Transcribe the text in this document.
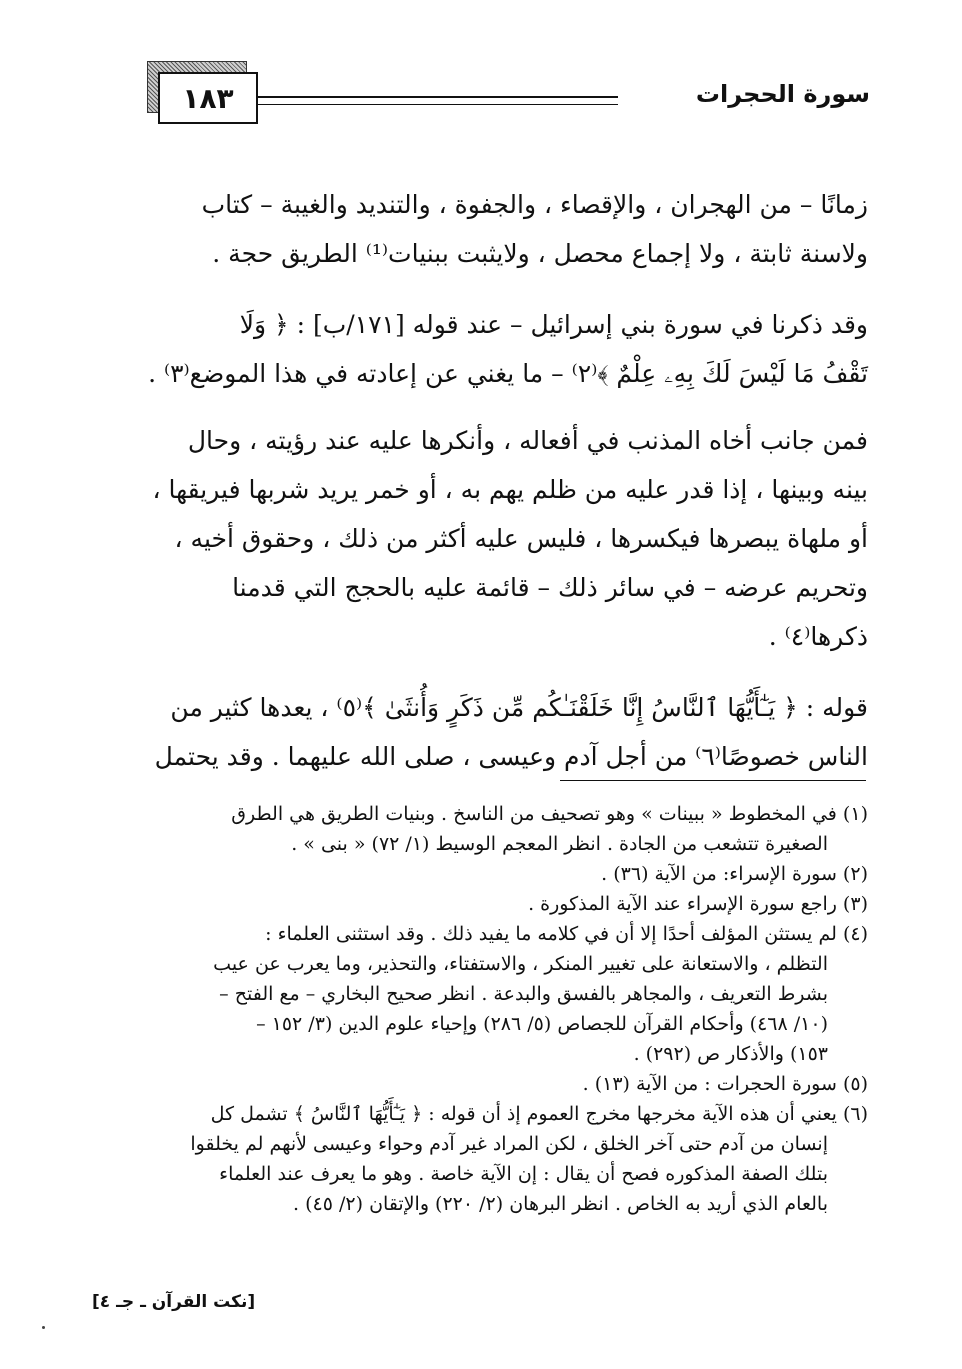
١٨٣	سورة الحجرات
زمانًا – من الهجران ، والإقصاء ، والجفوة ، والتنديد والغيبة – كتاب
ولاسنة ثابتة ، ولا إجماع محصل ، ولايثبت ببنيات⁽¹⁾ الطريق حجة .
وقد ذكرنا في سورة بني إسرائيل – عند قوله [١٧١/ب] : ﴿ وَلَا
تَقْفُ مَا لَيْسَ لَكَ بِهِۦ عِلْمٌ ﴾⁽٢⁾ – ما يغني عن إعادته في هذا الموضع⁽٣⁾ .
فمن جانب أخاه المذنب في أفعاله ، وأنكرها عليه عند رؤيته ، وحال
بينه وبينها ، إذا قدر عليه من ظلم يهم به ، أو خمر يريد شربها فيريقها ،
أو ملهاة يبصرها فيكسرها ، فليس عليه أكثر من ذلك ، وحقوق أخيه ،
وتحريم عرضه – في سائر ذلك – قائمة عليه بالحجج التي قدمنا
ذكرها⁽٤⁾ .
قوله : ﴿ يَـٰٓأَيُّهَا ٱلنَّاسُ إِنَّا خَلَقْنَـٰكُم مِّن ذَكَرٍ وَأُنثَىٰ ﴾⁽٥⁾ ، يعدها كثير من
الناس خصوصًا⁽٦⁾ من أجل آدم وعيسى ، صلى الله عليهما . وقد يحتمل
(١) في المخطوط « ببينات » وهو تصحيف من الناسخ . وبنيات الطريق هي الطرق
الصغيرة تتشعب من الجادة . انظر المعجم الوسيط (١/ ٧٢) « بنى » .
(٢) سورة الإسراء: من الآية (٣٦) .
(٣) راجع سورة الإسراء عند الآية المذكورة .
(٤) لم يستثن المؤلف أحدًا إلا أن في كلامه ما يفيد ذلك . وقد استثنى العلماء :
التظلم ، والاستعانة على تغيير المنكر ، والاستفتاء، والتحذير، وما يعرب عن عيب
بشرط التعريف ، والمجاهر بالفسق والبدعة . انظر صحيح البخاري – مع الفتح –
(١٠/ ٤٦٨) وأحكام القرآن للجصاص (٥/ ٢٨٦) وإحياء علوم الدين (٣/ ١٥٢ –
١٥٣) والأذكار ص (٢٩٢) .
(٥) سورة الحجرات : من الآية (١٣) .
(٦) يعني أن هذه الآية مخرجها مخرج العموم إذ أن قوله : ﴿ يَـٰٓأَيُّهَا ٱلنَّاسُ ﴾ تشمل كل
إنسان من آدم حتى آخر الخلق ، لكن المراد غير آدم وحواء وعيسى لأنهم لم يخلقوا
بتلك الصفة المذكوره فصح أن يقال : إن الآية خاصة . وهو ما يعرف عند العلماء
بالعام الذي أريد به الخاص . انظر البرهان (٢/ ٢٢٠) والإتقان (٢/ ٤٥) .
[نكت القرآن ـ جـ ٤]
